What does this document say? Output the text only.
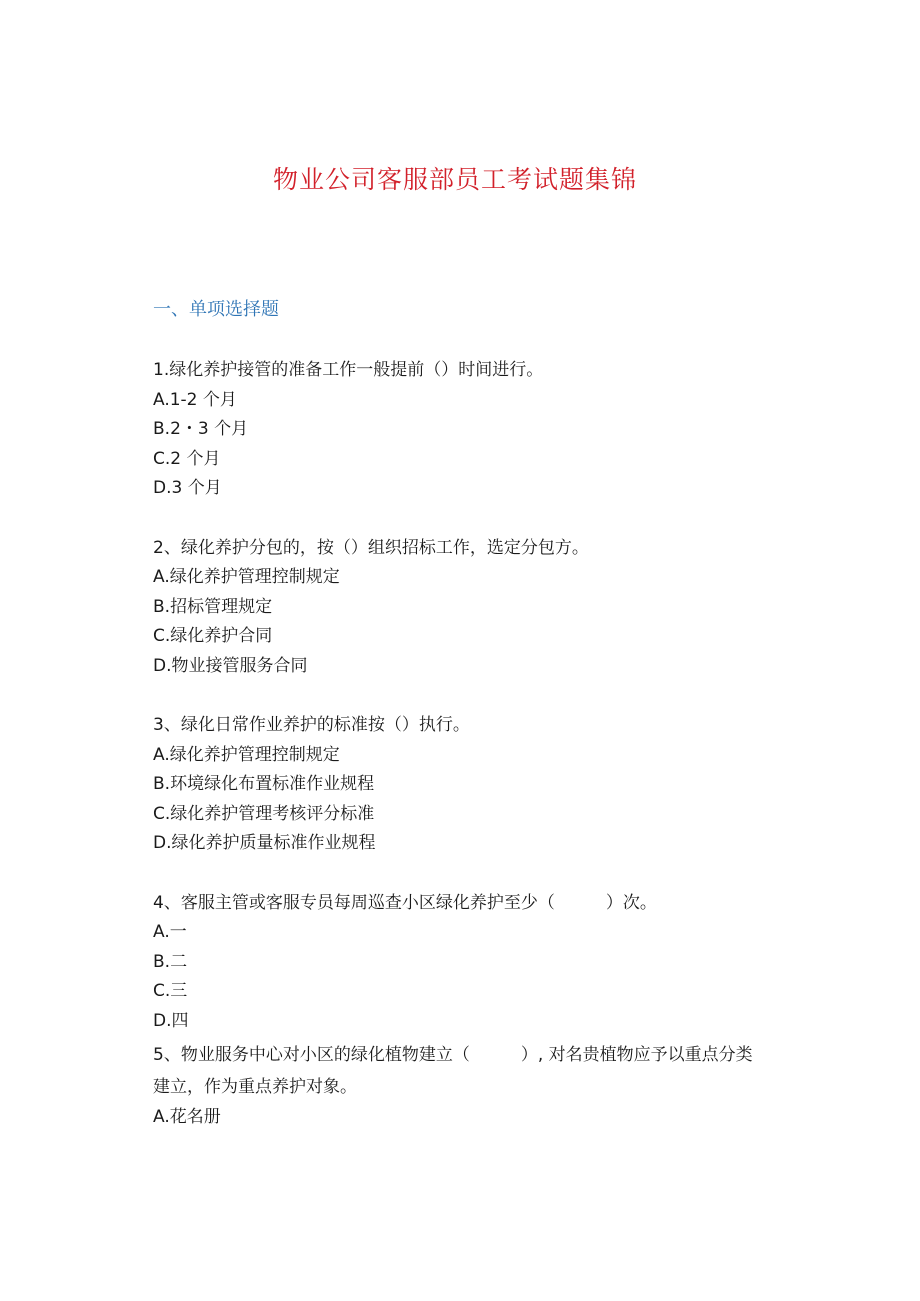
物业公司客服部员工考试题集锦
一、单项选择题
1.绿化养护接管的准备工作一般提前（）时间进行。
A.1-2 个月
B.2・3 个月
C.2 个月
D.3 个月
2、绿化养护分包的，按（）组织招标工作，选定分包方。
A.绿化养护管理控制规定
B.招标管理规定
C.绿化养护合同
D.物业接管服务合同
3、绿化日常作业养护的标准按（）执行。
A.绿化养护管理控制规定
B.环境绿化布置标准作业规程
C.绿化养护管理考核评分标准
D.绿化养护质量标准作业规程
4、客服主管或客服专员每周巡查小区绿化养护至少（　　　）次。
A.一
B.二
C.三
D.四
5、物业服务中心对小区的绿化植物建立（　　　）, 对名贵植物应予以重点分类建立，作为重点养护对象。
A.花名册
